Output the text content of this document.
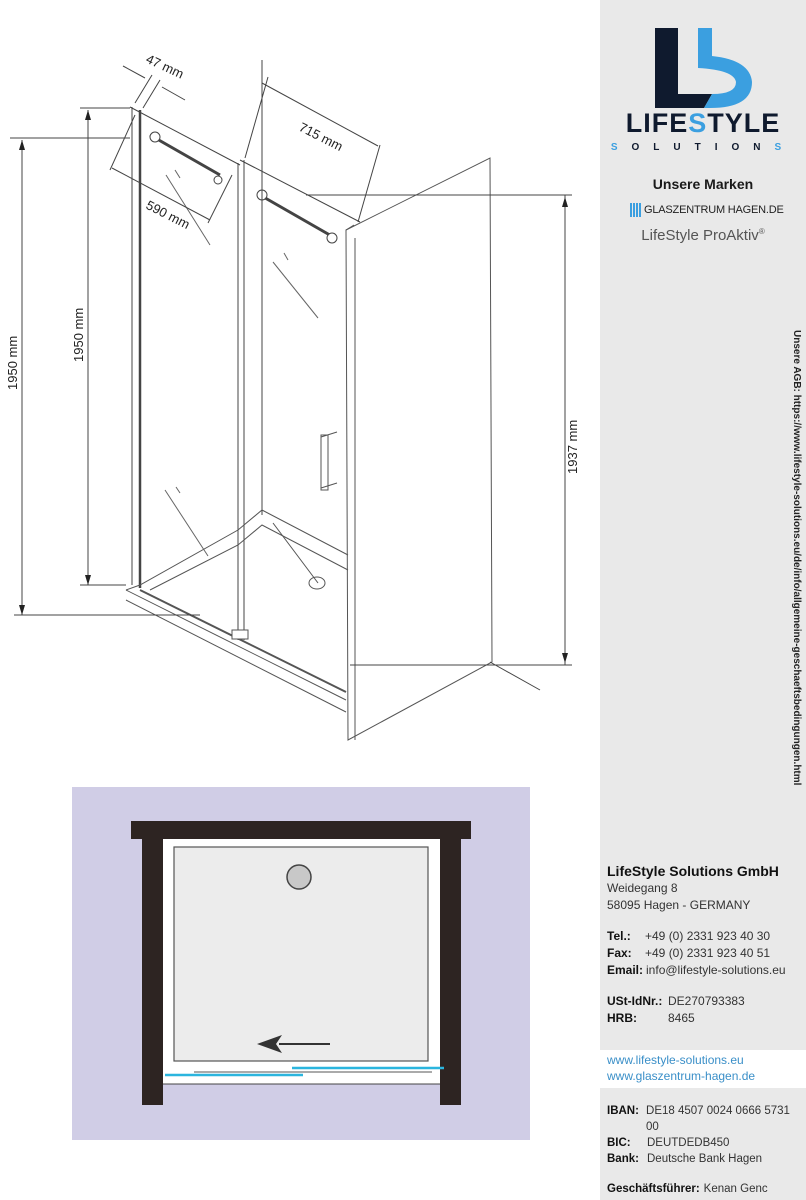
47 mm
715 mm
590 mm
1950 mm
1950 mm
1937 mm
LIFESTYLE
SOLUTIONS
Unsere Marken
GLASZENTRUM HAGEN.DE
LifeStyle ProAktiv®
Unsere AGB: https://www.lifestyle-solutions.eu/de/info/allgemeine-geschaeftsbedingungen.html
LifeStyle Solutions GmbH
Weidegang 8
58095 Hagen - GERMANY
Tel.:	+49 (0) 2331 923 40 30
Fax:	+49 (0) 2331 923 40 51
Email: info@lifestyle-solutions.eu
USt-IdNr.: DE270793383
HRB:	8465
www.lifestyle-solutions.eu
www.glaszentrum-hagen.de
IBAN: DE18 4507 0024 0666 5731 00
BIC:	DEUTDEDB450
Bank: Deutsche Bank Hagen
Geschäftsführer: Kenan Genc
